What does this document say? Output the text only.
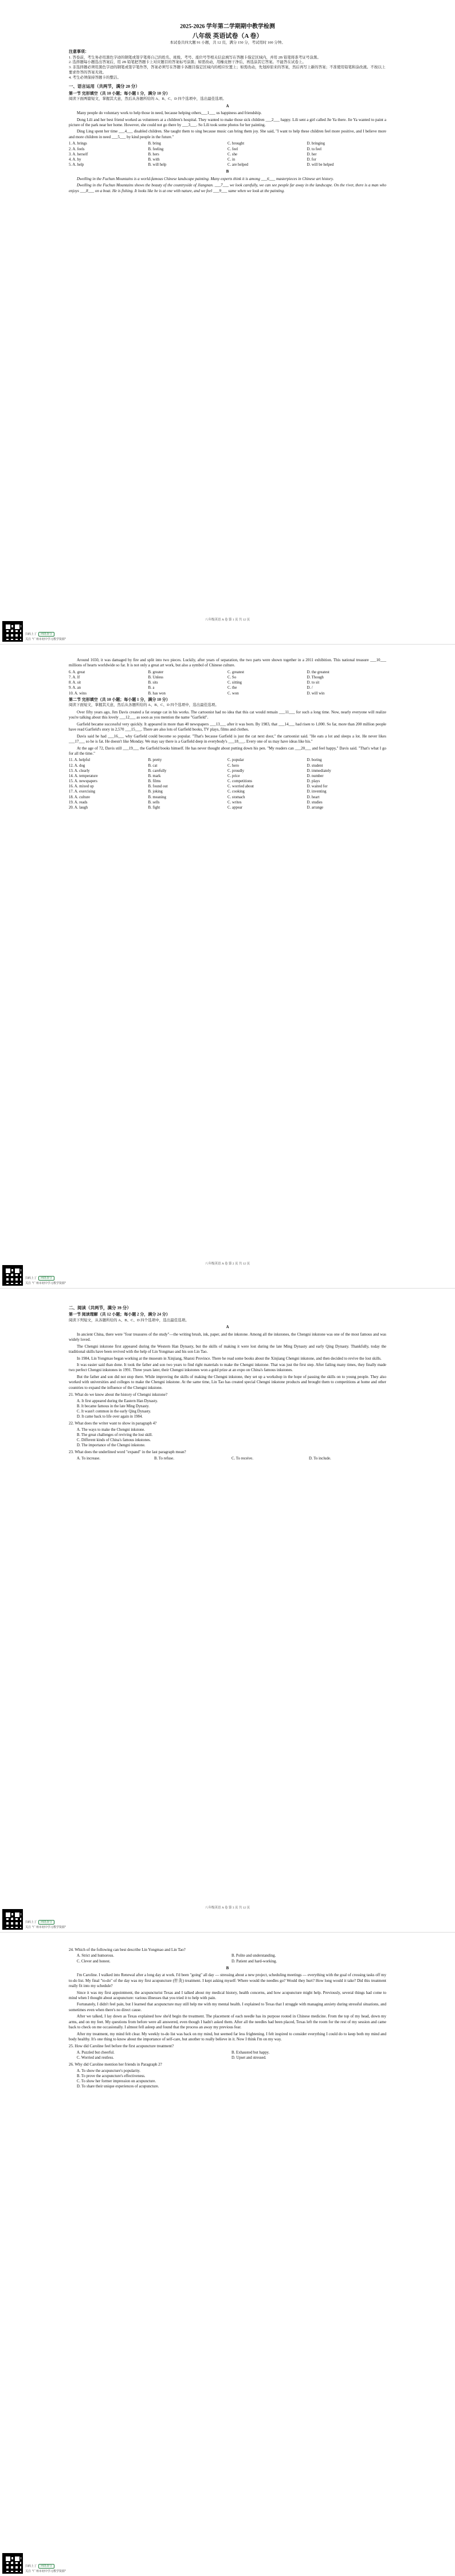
2025-2026 学年第二学期期中教学检测

八年级 英语试卷（A 卷）

本试卷共四大题 91 小题，共 12 页，满分 150 分，考试用时 100 分钟。

注意事项：

1. 答卷前，考生务必用黑色字迹的钢笔或签字笔将自己的姓名、班级、考号、座位号等相关信息填写在答题卡指定区域内，并用 2B 铅笔将准考证号涂黑。

2. 选择题每小题选出答案后，用 2B 铅笔把答题卡上对应题目的答案标号涂黑；如需改动，用橡皮擦干净后，再选涂其它答案。不能答在试卷上。

3. 非选择题必须用黑色字迹的钢笔或签字笔作答，答案必须写在答题卡各题目指定区域内的相应位置上；如需改动，先划掉原来的答案，然后再写上新的答案；不准使用铅笔和涂改液。不按以上要求作答的答案无效。

4. 考生必须保持答题卡的整洁。

一、语言运用（共两节，满分 20 分）

第一节 完形填空（共 10 小题；每小题 1 分，满分 10 分）

阅读下面两篇短文，掌握其大意，然后从各题所给的 A、B、C、D 四个选项中，选出最佳选项。

A

Many people do voluntary work to help those in need, because helping others___1___ us happiness and friendship.

Dong Lili and her best friend worked as volunteers at a children's hospital. They wanted to make those sick children ___2___ happy. Lili sent a girl called Jie Ya there. Jie Ya wanted to paint a picture of the park near her home. However, she could not go there by ___3___. So Lili took some photos for her painting.

Ding Ling spent her time ___4___ disabled children. She taught them to sing because music can bring them joy. She said, "I want to help these children feel more positive, and I believe more and more children in need ___5___ by kind people in the future."

1. A. brings	B. bring	C. brought	D. bringing
2. A. feels	B. feeling	C. feel	D. to feel
3. A. herself	B. hers	C. she	D. her
4. A. by	B. with	C. in	D. for
5. A. help	B. will help	C. are helped	D. will be helped

B

Dwelling in the Fuchun Mountains is a world-famous Chinese landscape painting. Many experts think it is among ___6___ masterpieces in Chinese art history.

Dwelling in the Fuchun Mountains shows the beauty of the countryside of Jiangnan. ___7___ we look carefully, we can see people far away in the landscape. On the river, there is a man who enjoys ___8___ on a boat. He is fishing. It looks like he is at one with nature, and we feel ___9___ same when we look at the painting.

八年级英语 A 卷 第 1 页 共 12 页
扫码上了	网络查分
关注 "广州市初中学习教学资源"

Around 1650, it was damaged by fire and split into two pieces. Luckily, after years of separation, the two parts were shown together in a 2011 exhibition. This national treasure ___10___ millions of hearts worldwide so far. It is not only a great art work, but also a symbol of Chinese culture.

6. A. great	B. greater	C. greatest	D. the greatest
7. A. If	B. Unless	C. So	D. Though
8. A. sit	B. sits	C. sitting	D. to sit
9. A. an	B. a	C. the	D. /
10. A. wins	B. has won	C. won	D. will win

第二节 完形填空（共 10 小题；每小题 1 分，满分 10 分）

阅读下面短文，掌握其大意，然后从各题所给的 A、B、C、D 四个选项中，选出最佳选项。

Over fifty years ago, Jim Davis created a fat orange cat in his works. The cartoonist had no idea that this cat would remain ___11___ for such a long time. Now, nearly everyone will realize you're talking about this lovely ___12___ as soon as you mention the name "Garfield".

Garfield became successful very quickly. It appeared in more than 40 newspapers ___13___ after it was born. By 1983, that ___14___ had risen to 1,000. So far, more than 200 million people have read Garfield's story in 2,570 ___15___. There are also lots of Garfield books, TV plays, films and clothes.

Davis said he had ___16___ why Garfield could become so popular. "That's because Garfield is just the cat next door," the cartoonist said. "He eats a lot and sleeps a lot. He never likes ___17___ so he is fat. He doesn't like Monday. We may say there is a Garfield deep in everybody's ___18___. Every one of us may have ideas like his."

At the age of 72, Davis still ___19___ the Garfield books himself. He has never thought about putting down his pen. "My readers can ___20___ and feel happy," Davis said. "That's what I go for all the time."

11. A. helpful	B. pretty	C. popular	D. boring
12. A. dog	B. cat	C. hero	D. student
13. A. clearly	B. carefully	C. proudly	D. immediately
14. A. temperature	B. mark	C. price	D. number
15. A. newspapers	B. films	C. competitions	D. plays
16. A. mixed up	B. found out	C. worried about	D. waited for
17. A. exercising	B. joking	C. cooking	D. inventing
18. A. culture	B. meaning	C. stomach	D. heart
19. A. reads	B. sells	C. writes	D. studies
20. A. laugh	B. fight	C. appear	D. arrange
八年级英语 A 卷 第 2 页 共 12 页
扫码上了	网络查分
关注 "广州市初中学习教学资源"

二、阅读（共两节，满分 39 分）

第一节 阅读理解（共 12 小题；每小题 2 分，满分 24 分）

阅读下列短文，从各题所给的 A、B、C、D 四个选项中，选出最佳选项。

A

In ancient China, there were "four treasures of the study"—the writing brush, ink, paper, and the inkstone. Among all the inkstones, the Chengni inkstone was one of the most famous and was widely loved.

The Chengni inkstone first appeared during the Western Han Dynasty, but the skills of making it were lost during the late Ming Dynasty and early Qing Dynasty. Thankfully, today the traditional skills have been revived with the help of Lin Yongmao and his son Lin Tao.

In 1984, Lin Yongmao began working at the museum in Xinjiang, Shanxi Province. There he read some books about the Xinjiang Chengni inkstone, and then decided to revive the lost skills.

It was easier said than done. It took the father and son two years to find right materials to make the Chengni inkstone. That was just the first step. After failing many times, they finally made two perfect Chengni inkstones in 1991. Three years later, their Chengni inkstones won a gold prize at an expo on China's famous inkstones.

But the father and son did not stop there. While improving the skills of making the Chengni inkstone, they set up a workshop in the hope of passing the skills on to young people. They also worked with universities and colleges to make the Chengni inkstone. At the same time, Lin Tao has created special Chengni inkstone products and brought them to competitions at home and other countries to expand the influence of the Chengni inkstone.

21. What do we know about the history of Chengni inkstone?

A. It first appeared during the Eastern Han Dynasty.

B. It became famous in the late Ming Dynasty.

C. It wasn't common in the early Qing Dynasty.

D. It came back to life over again in 1984.

22. What does the writer want to show in paragraph 4?

A. The ways to make the Chengni inkstone.

B. The great challenges of reviving the lost skill.

C. Different kinds of China's famous inkstones.

D. The importance of the Chengni inkstone.

23. What does the underlined word "expand" in the last paragraph mean?

A. To increase.	B. To refuse.	C. To receive.	D. To include.
八年级英语 A 卷 第 3 页 共 12 页
扫码上了	网络查分
关注 "广州市初中学习教学资源"

24. Which of the following can best describe Lin Yongmao and Lin Tao?

A. Strict and humorous.	B. Polite and understanding.
C. Clever and honest.	D. Patient and hard-working.

B

I'm Caroline. I walked into Renewal after a long day at work. I'd been "going" all day — stressing about a new project, scheduling meetings — everything with the goal of crossing tasks off my to-do list. My final "to-do" of the day was my first acupuncture (针灸) treatment. I kept asking myself: Where would the needles go? Would they hurt? How long would it take? Did this treatment really fit into my schedule?

Since it was my first appointment, the acupuncturist Texas and I talked about my medical history, health concerns, and how acupuncture might help. Previously, several things had come to mind when I thought about acupuncture: various illnesses that you tried it to help with pain.

Fortunately, I didn't feel pain, but I learned that acupuncture may still help me with my mental health. I explained to Texas that I struggle with managing anxiety during stressful situations, and sometimes even when there's no direct cause.

After we talked, I lay down as Texas explained how she'd begin the treatment. The placement of each needle has its purpose rooted in Chinese medicine. From the top of my head, down my arms, and on my feet. My questions from before were all answered, even though I hadn't asked them. After all the needles had been placed, Texas left the room for the rest of my session and came back to check on me occasionally. I almost fell asleep and found that the process an away my previous fear.

After my treatment, my mind felt clear. My weekly to-do list was back on my mind, but seemed far less frightening. I felt inspired to consider everything I could do to keep both my mind and body healthy. It's one thing to know about the importance of self-care, but another to really believe in it. Now I think I'm on my way.

25. How did Caroline feel before the first acupuncture treatment?

A. Puzzled but cheerful.	B. Exhausted but happy.
C. Worried and restless.	D. Upset and stressed.

26. Why did Caroline mention her friends in Paragraph 2?

A. To show the acupuncture's popularity.

B. To prove the acupuncture's effectiveness.

C. To show her former impression on acupuncture.

D. To share their unique experiences of acupuncture.

扫码上了	网络查分
关注 "广州市初中学习教学资源"
